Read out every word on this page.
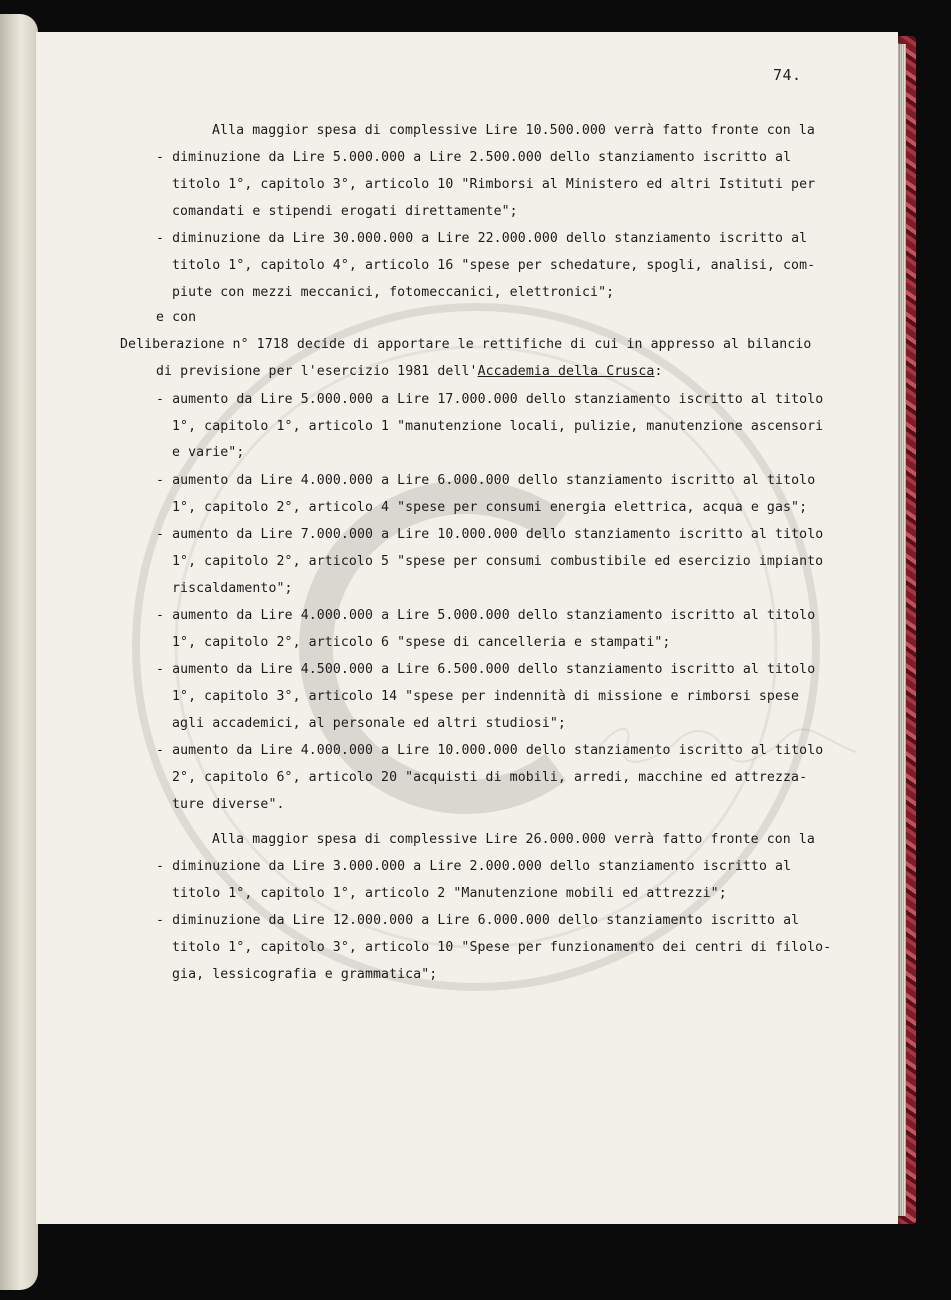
74.
Alla maggior spesa di complessive Lire 10.500.000 verrà fatto fronte con la
- diminuzione da Lire 5.000.000 a Lire 2.500.000 dello stanziamento iscritto al
titolo 1°, capitolo 3°, articolo 10 "Rimborsi al Ministero ed altri Istituti per
comandati e stipendi erogati direttamente";
- diminuzione da Lire 30.000.000 a Lire 22.000.000 dello stanziamento iscritto al
titolo 1°, capitolo 4°, articolo 16 "spese per schedature, spogli, analisi, com-
piute con mezzi meccanici, fotomeccanici, elettronici";
e con
Deliberazione n° 1718 decide di apportare le rettifiche di cui in appresso al bilancio
di previsione per l'esercizio 1981 dell'Accademia della Crusca:
- aumento da Lire 5.000.000 a Lire 17.000.000 dello stanziamento iscritto al titolo
1°, capitolo 1°, articolo 1 "manutenzione locali, pulizie, manutenzione ascensori
e varie";
- aumento da Lire 4.000.000 a Lire 6.000.000 dello stanziamento iscritto al titolo
1°, capitolo 2°, articolo 4 "spese per consumi energia elettrica, acqua e gas";
- aumento da Lire 7.000.000 a Lire 10.000.000 dello stanziamento iscritto al titolo
1°, capitolo 2°, articolo 5 "spese per consumi combustibile ed esercizio impianto
riscaldamento";
- aumento da Lire 4.000.000 a Lire 5.000.000 dello stanziamento iscritto al titolo
1°, capitolo 2°, articolo 6 "spese di cancelleria e stampati";
- aumento da Lire 4.500.000 a Lire 6.500.000 dello stanziamento iscritto al titolo
1°, capitolo 3°, articolo 14 "spese per indennità di missione e rimborsi spese
agli accademici, al personale ed altri studiosi";
- aumento da Lire 4.000.000 a Lire 10.000.000 dello stanziamento iscritto al titolo
2°, capitolo 6°, articolo 20 "acquisti di mobili, arredi, macchine ed attrezza-
ture diverse".
Alla maggior spesa di complessive Lire 26.000.000 verrà fatto fronte con la
- diminuzione da Lire 3.000.000 a Lire 2.000.000 dello stanziamento iscritto al
titolo 1°, capitolo 1°, articolo 2 "Manutenzione mobili ed attrezzi";
- diminuzione da Lire 12.000.000 a Lire 6.000.000 dello stanziamento iscritto al
titolo 1°, capitolo 3°, articolo 10 "Spese per funzionamento dei centri di filolo-
gia, lessicografia e grammatica";
